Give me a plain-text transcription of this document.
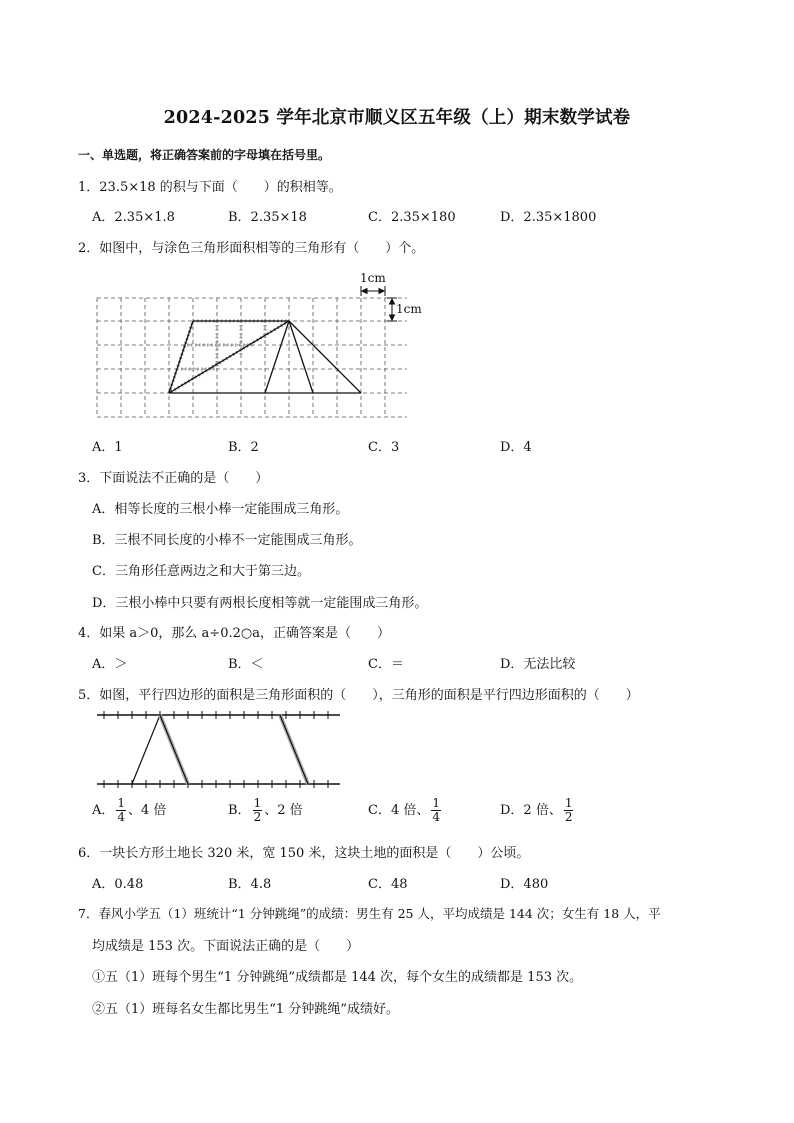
2024-2025 学年北京市顺义区五年级（上）期末数学试卷
一、单选题，将正确答案前的字母填在括号里。
1．23.5×18 的积与下面（　　）的积相等。
A．2.35×1.8	B．2.35×18	C．2.35×180	D．2.35×1800
2．如图中，与涂色三角形面积相等的三角形有（　　）个。
1cm
1cm
A．1	B．2	C．3	D．4
3．下面说法不正确的是（　　）
A．相等长度的三根小棒一定能围成三角形。
B．三根不同长度的小棒不一定能围成三角形。
C．三角形任意两边之和大于第三边。
D．三根小棒中只要有两根长度相等就一定能围成三角形。
4．如果 a＞0，那么 a÷0.2○a，正确答案是（　　）
A．＞	B．＜	C．＝	D．无法比较
5．如图，平行四边形的面积是三角形面积的（　　），三角形的面积是平行四边形面积的（　　）
A． $\frac{1}{4}$ 、4 倍	B． $\frac{1}{2}$ 、2 倍	C．4 倍、 $\frac{1}{4}$	D．2 倍、 $\frac{1}{2}$
6．一块长方形土地长 320 米，宽 150 米，这块土地的面积是（　　）公顷。
A．0.48	B．4.8	C．48	D．480
7．春风小学五（1）班统计“1 分钟跳绳”的成绩：男生有 25 人，平均成绩是 144 次；女生有 18 人，平
均成绩是 153 次。下面说法正确的是（　　）
①五（1）班每个男生“1 分钟跳绳”成绩都是 144 次，每个女生的成绩都是 153 次。
②五（1）班每名女生都比男生“1 分钟跳绳”成绩好。
